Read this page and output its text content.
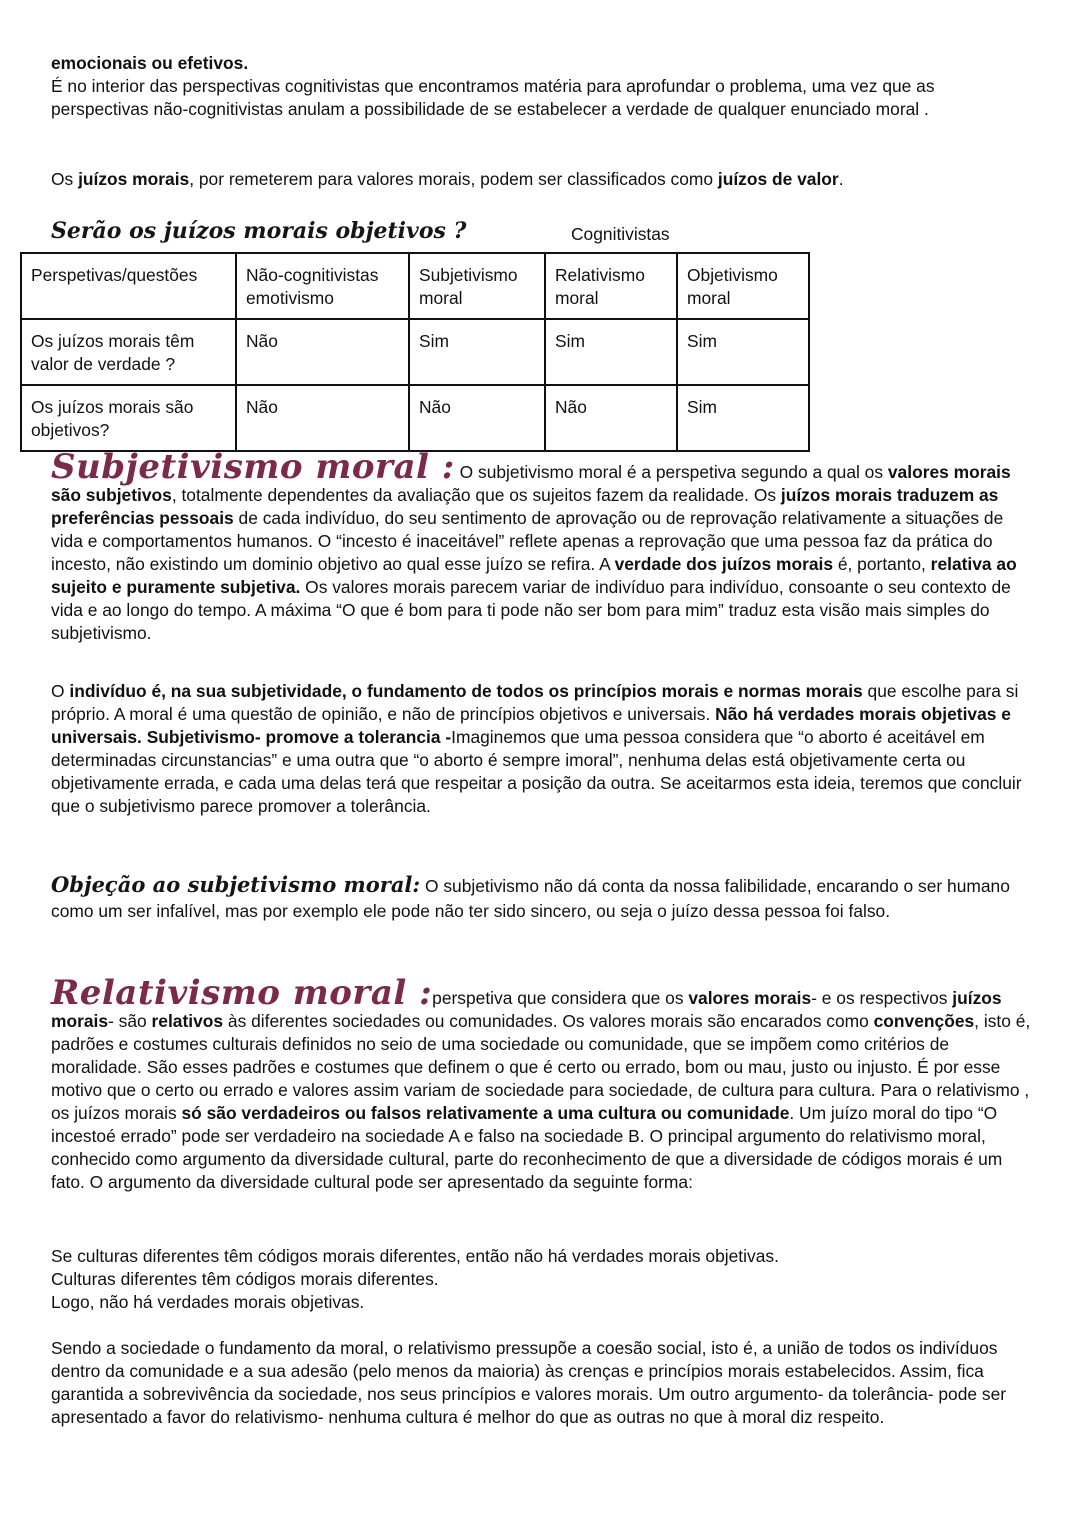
emocionais ou efetivos.

É no interior das perspectivas cognitivistas que encontramos matéria para aprofundar o problema, uma vez que as perspectivas não-cognitivistas anulam a possibilidade de se estabelecer a verdade de qualquer enunciado moral .

Os juízos morais, por remeterem para valores morais, podem ser classificados como juízos de valor.

Serão os juízos morais objetivos ?	Cognitivistas
Perspetivas/questões	Não-cognitivistas emotivismo	Subjetivismo moral	Relativismo moral	Objetivismo moral
Os juízos morais têm valor de verdade ?	Não	Sim	Sim	Sim
Os juízos morais são objetivos?	Não	Não	Não	Sim

Subjetivismo moral : O subjetivismo moral é a perspetiva segundo a qual os valores morais são subjetivos, totalmente dependentes da avaliação que os sujeitos fazem da realidade. Os juízos morais traduzem as preferências pessoais de cada indivíduo, do seu sentimento de aprovação ou de reprovação relativamente a situações de vida e comportamentos humanos. O “incesto é inaceitável” reflete apenas a reprovação que uma pessoa faz da prática do incesto, não existindo um dominio objetivo ao qual esse juízo se refira. A verdade dos juízos morais é, portanto, relativa ao sujeito e puramente subjetiva. Os valores morais parecem variar de indivíduo para indivíduo, consoante o seu contexto de vida e ao longo do tempo. A máxima “O que é bom para ti pode não ser bom para mim” traduz esta visão mais simples do subjetivismo.

O indivíduo é, na sua subjetividade, o fundamento de todos os princípios morais e normas morais que escolhe para si próprio. A moral é uma questão de opinião, e não de princípios objetivos e universais. Não há verdades morais objetivas e universais. Subjetivismo- promove a tolerancia -Imaginemos que uma pessoa considera que “o aborto é aceitável em determinadas circunstancias” e uma outra que “o aborto é sempre imoral”, nenhuma delas está objetivamente certa ou objetivamente errada, e cada uma delas terá que respeitar a posição da outra. Se aceitarmos esta ideia, teremos que concluir que o subjetivismo parece promover a tolerância.

Objeção ao subjetivismo moral: O subjetivismo não dá conta da nossa falibilidade, encarando o ser humano como um ser infalível, mas por exemplo ele pode não ter sido sincero, ou seja o juízo dessa pessoa foi falso.

Relativismo moral :perspetiva que considera que os valores morais- e os respectivos juízos morais- são relativos às diferentes sociedades ou comunidades. Os valores morais são encarados como convenções, isto é, padrões e costumes culturais definidos no seio de uma sociedade ou comunidade, que se impõem como critérios de moralidade. São esses padrões e costumes que definem o que é certo ou errado, bom ou mau, justo ou injusto. É por esse motivo que o certo ou errado e valores assim variam de sociedade para sociedade, de cultura para cultura. Para o relativismo , os juízos morais só são verdadeiros ou falsos relativamente a uma cultura ou comunidade. Um juízo moral do tipo “O incestoé errado” pode ser verdadeiro na sociedade A e falso na sociedade B. O principal argumento do relativismo moral, conhecido como argumento da diversidade cultural, parte do reconhecimento de que a diversidade de códigos morais é um fato. O argumento da diversidade cultural pode ser apresentado da seguinte forma:

Se culturas diferentes têm códigos morais diferentes, então não há verdades morais objetivas.

Culturas diferentes têm códigos morais diferentes.

Logo, não há verdades morais objetivas.

Sendo a sociedade o fundamento da moral, o relativismo pressupõe a coesão social, isto é, a união de todos os indivíduos dentro da comunidade e a sua adesão (pelo menos da maioria) às crenças e princípios morais estabelecidos. Assim, fica garantida a sobrevivência da sociedade, nos seus princípios e valores morais. Um outro argumento- da tolerância- pode ser apresentado a favor do relativismo- nenhuma cultura é melhor do que as outras no que à moral diz respeito.
